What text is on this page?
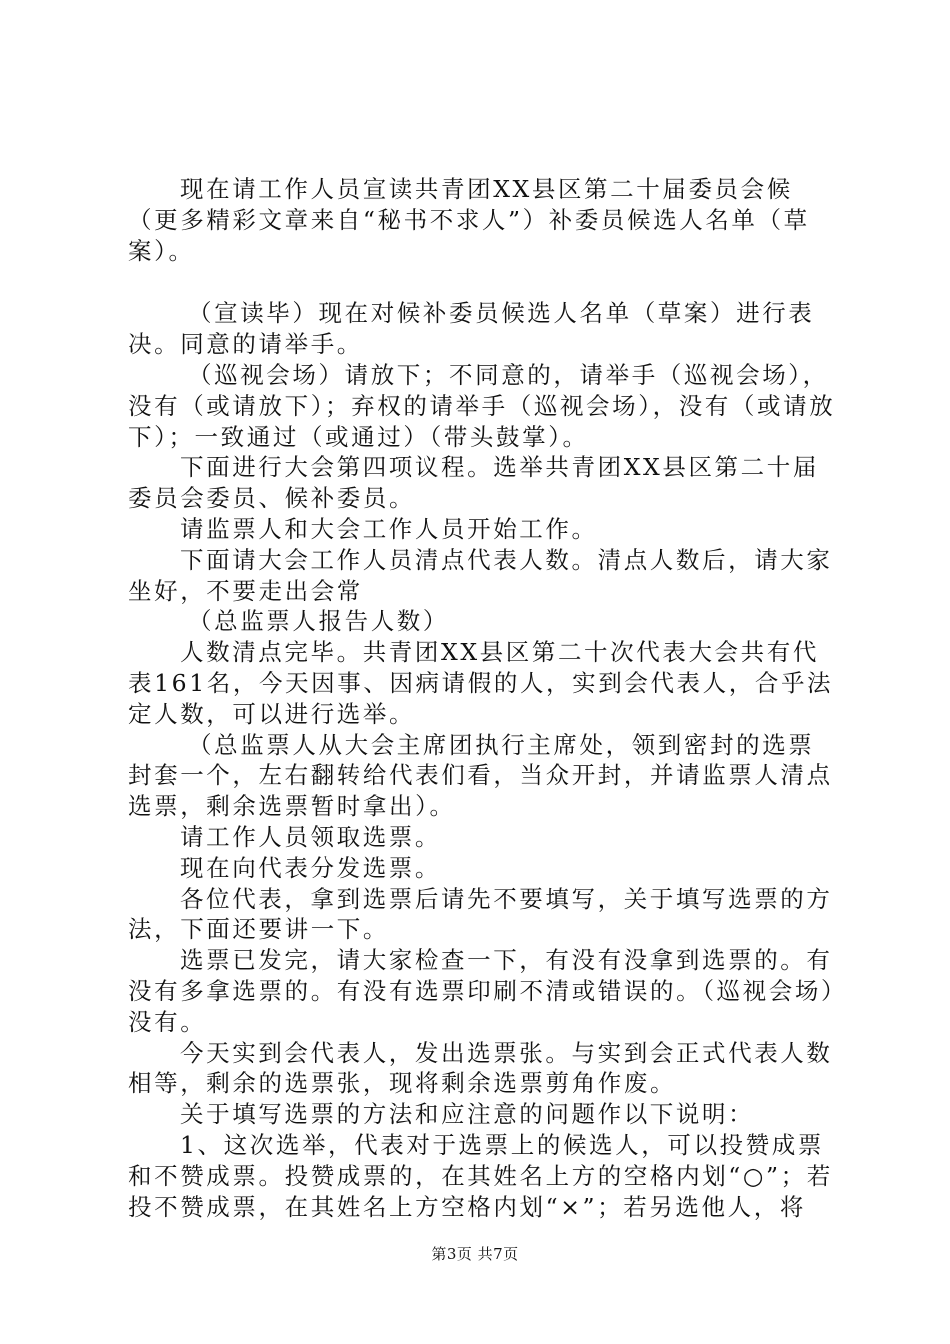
现在请工作人员宣读共青团XX县区第二十届委员会候（更多精彩文章来自“秘书不求人”）补委员候选人名单（草案）。

（宣读毕）现在对候补委员候选人名单（草案）进行表决。同意的请举手。

（巡视会场）请放下；不同意的，请举手（巡视会场），没有（或请放下）；弃权的请举手（巡视会场），没有（或请放下）；一致通过（或通过）（带头鼓掌）。

下面进行大会第四项议程。选举共青团XX县区第二十届委员会委员、候补委员。

请监票人和大会工作人员开始工作。

下面请大会工作人员清点代表人数。清点人数后，请大家坐好，不要走出会常

（总监票人报告人数）

人数清点完毕。共青团XX县区第二十次代表大会共有代表161名，今天因事、因病请假的人，实到会代表人，合乎法定人数，可以进行选举。

（总监票人从大会主席团执行主席处，领到密封的选票封套一个，左右翻转给代表们看，当众开封，并请监票人清点选票，剩余选票暂时拿出）。

请工作人员领取选票。

现在向代表分发选票。

各位代表，拿到选票后请先不要填写，关于填写选票的方法，下面还要讲一下。

选票已发完，请大家检查一下，有没有没拿到选票的。有没有多拿选票的。有没有选票印刷不清或错误的。（巡视会场）没有。

今天实到会代表人，发出选票张。与实到会正式代表人数相等，剩余的选票张，现将剩余选票剪角作废。

关于填写选票的方法和应注意的问题作以下说明：

1、这次选举，代表对于选票上的候选人，可以投赞成票和不赞成票。投赞成票的，在其姓名上方的空格内划“○”；若投不赞成票，在其姓名上方空格内划“×”；若另选他人，将

第3页 共7页
